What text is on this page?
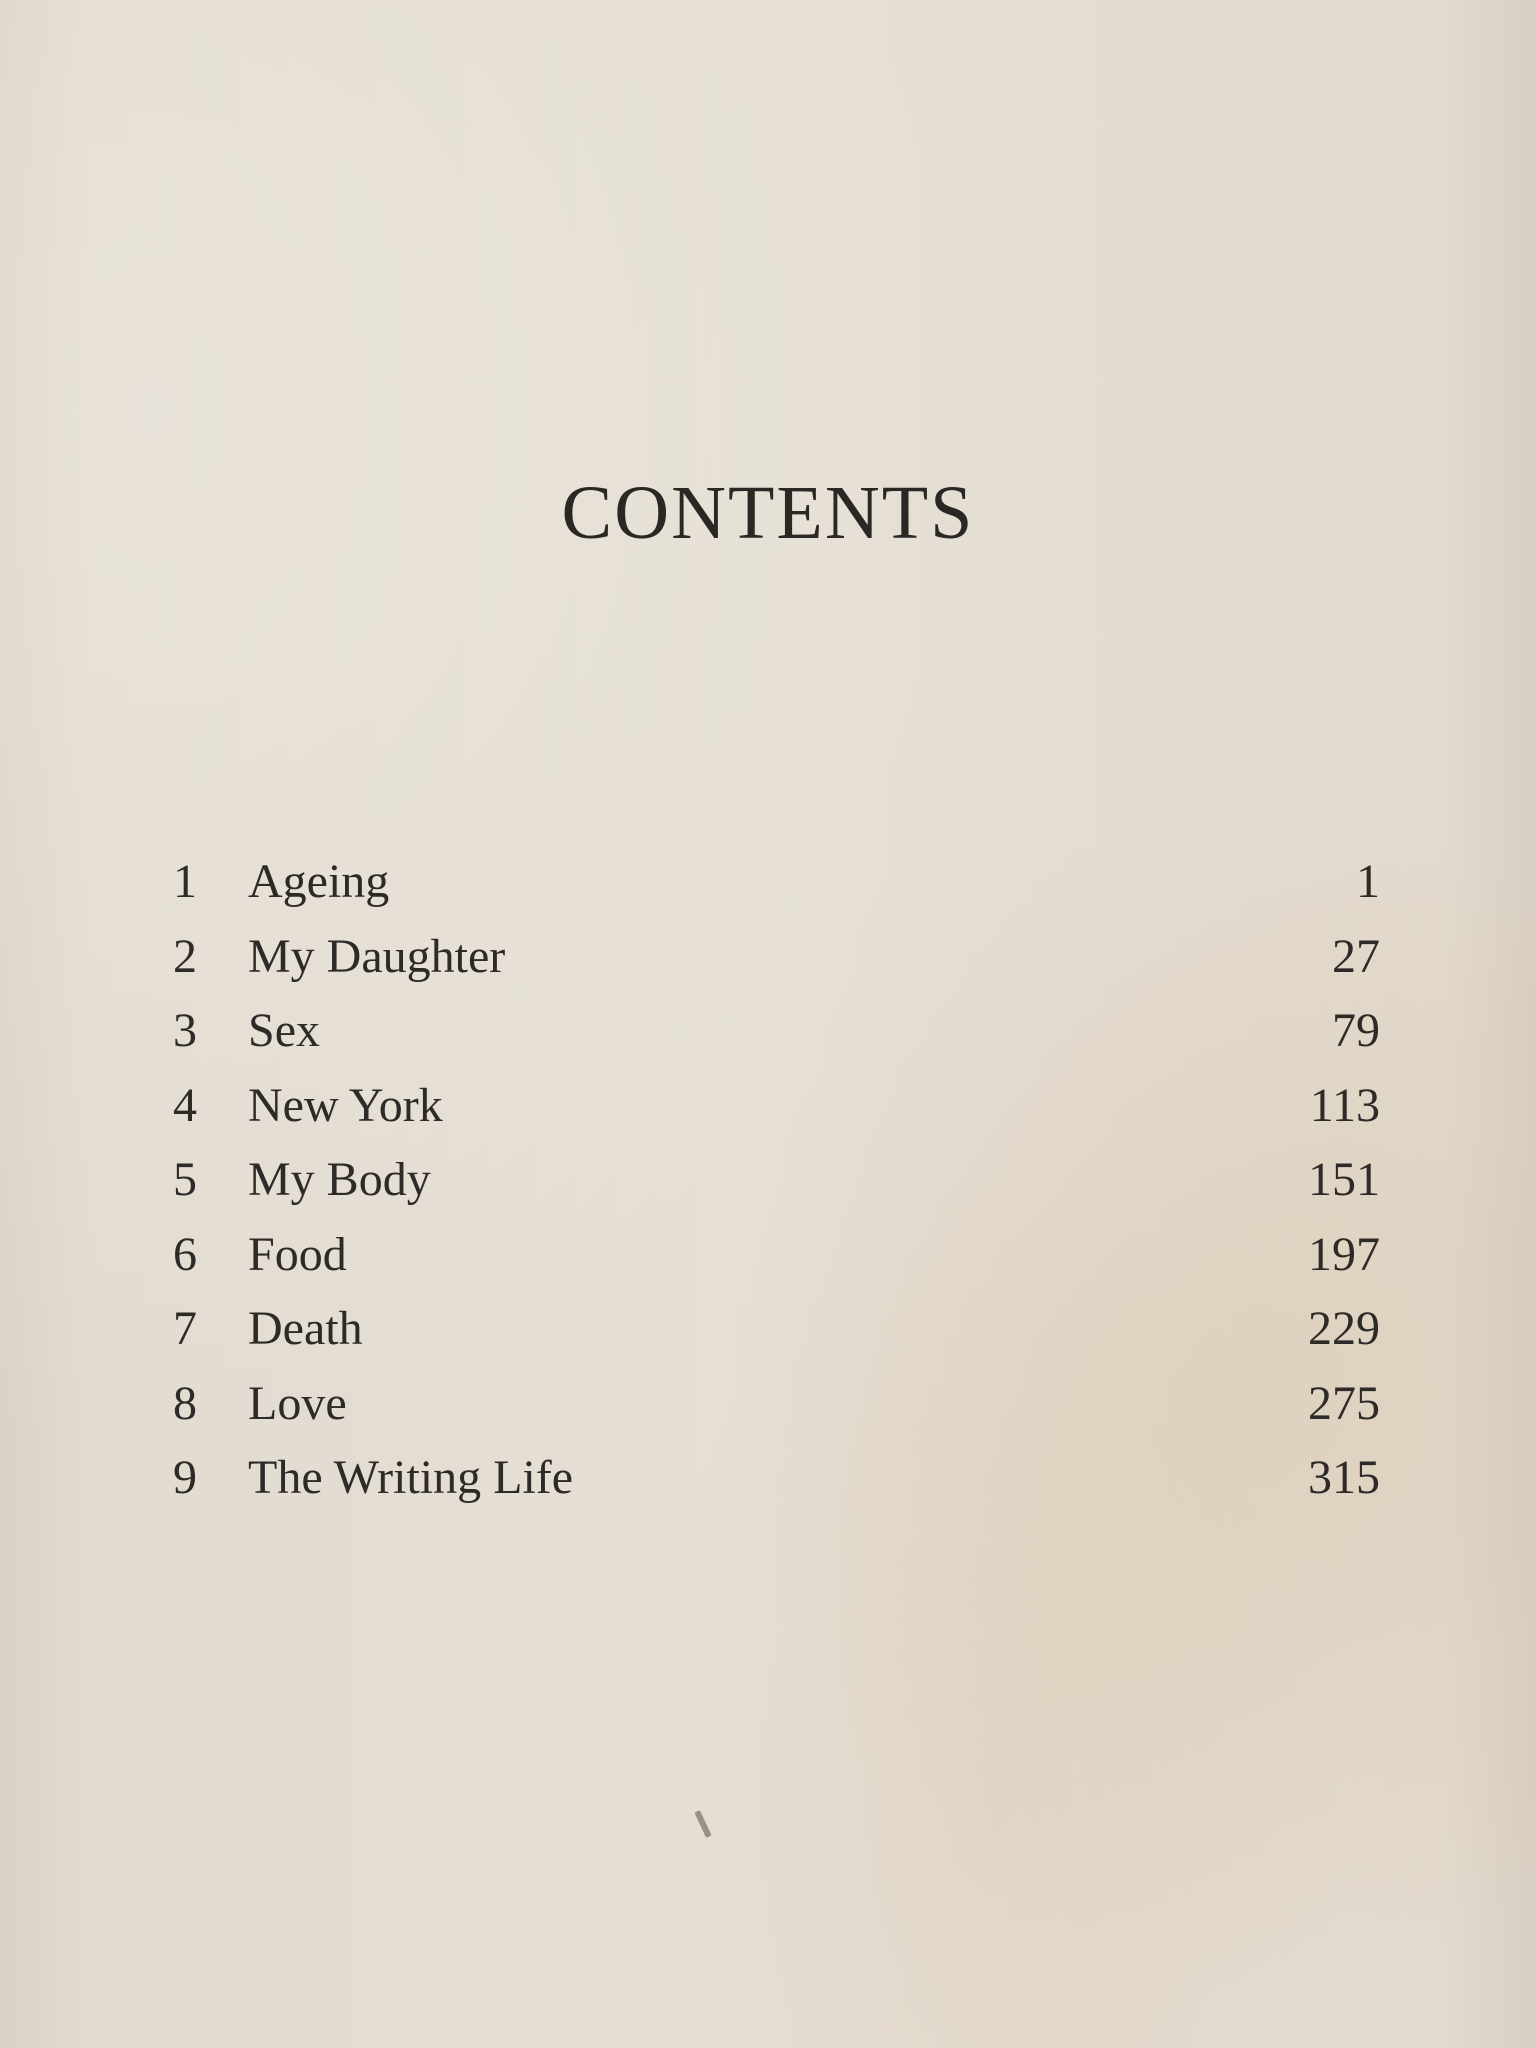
CONTENTS
1 Ageing	1
2 My Daughter	27
3 Sex	79
4 New York	113
5 My Body	151
6 Food	197
7 Death	229
8 Love	275
9 The Writing Life	315
